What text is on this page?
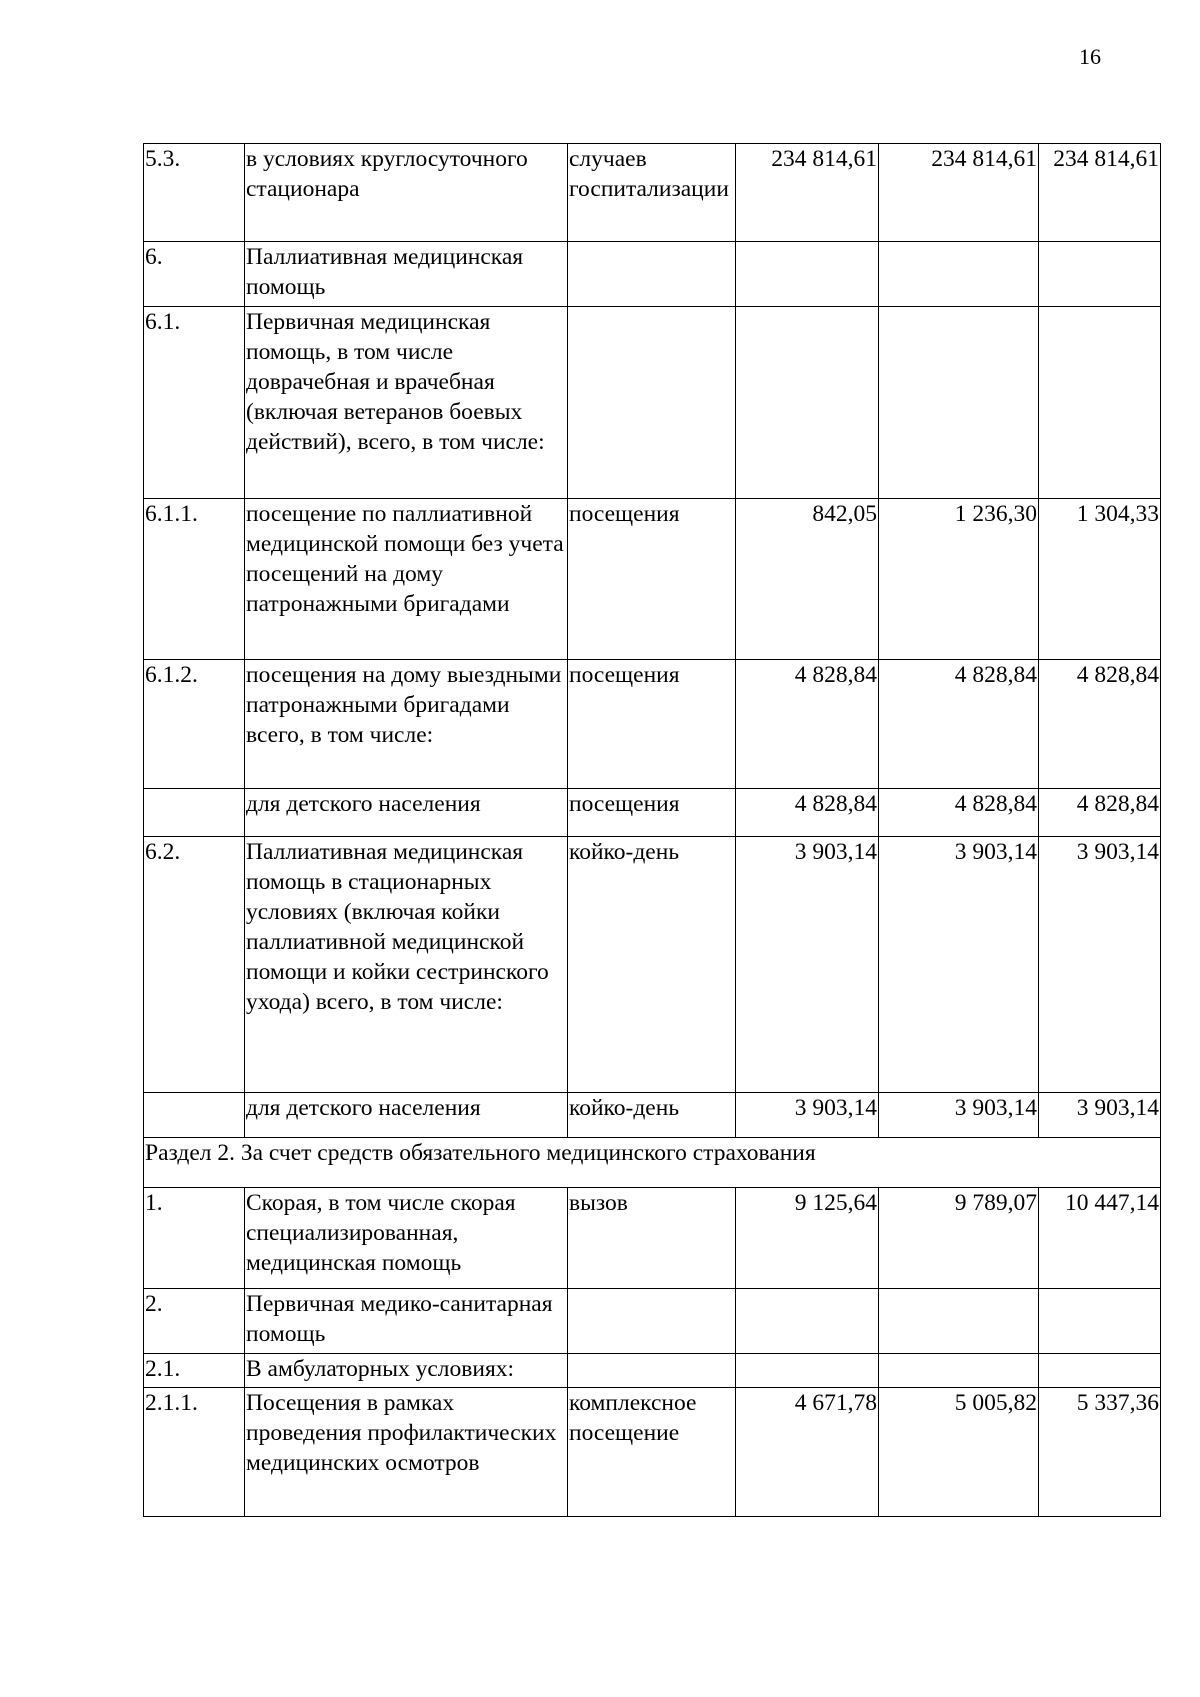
16
5.3.	в условиях круглосуточного стационара	случаев госпитализации	234 814,61	234 814,61	234 814,61
6.	Паллиативная медицинская помощь				
6.1.	Первичная медицинская помощь, в том числе доврачебная и врачебная (включая ветеранов боевых действий), всего, в том числе:				
6.1.1.	посещение по паллиативной медицинской помощи без учета посещений на дому патронажными бригадами	посещения	842,05	1 236,30	1 304,33
6.1.2.	посещения на дому выездными патронажными бригадами всего, в том числе:	посещения	4 828,84	4 828,84	4 828,84
	для детского населения	посещения	4 828,84	4 828,84	4 828,84
6.2.	Паллиативная медицинская помощь в стационарных условиях (включая койки паллиативной медицинской помощи и койки сестринского ухода) всего, в том числе:	койко-день	3 903,14	3 903,14	3 903,14
	для детского населения	койко-день	3 903,14	3 903,14	3 903,14
Раздел 2. За счет средств обязательного медицинского страхования					
1.	Скорая, в том числе скорая специализированная, медицинская помощь	вызов	9 125,64	9 789,07	10 447,14
2.	Первичная медико-санитарная помощь				
2.1.	В амбулаторных условиях:				
2.1.1.	Посещения в рамках проведения профилактических медицинских осмотров	комплексное посещение	4 671,78	5 005,82	5 337,36
